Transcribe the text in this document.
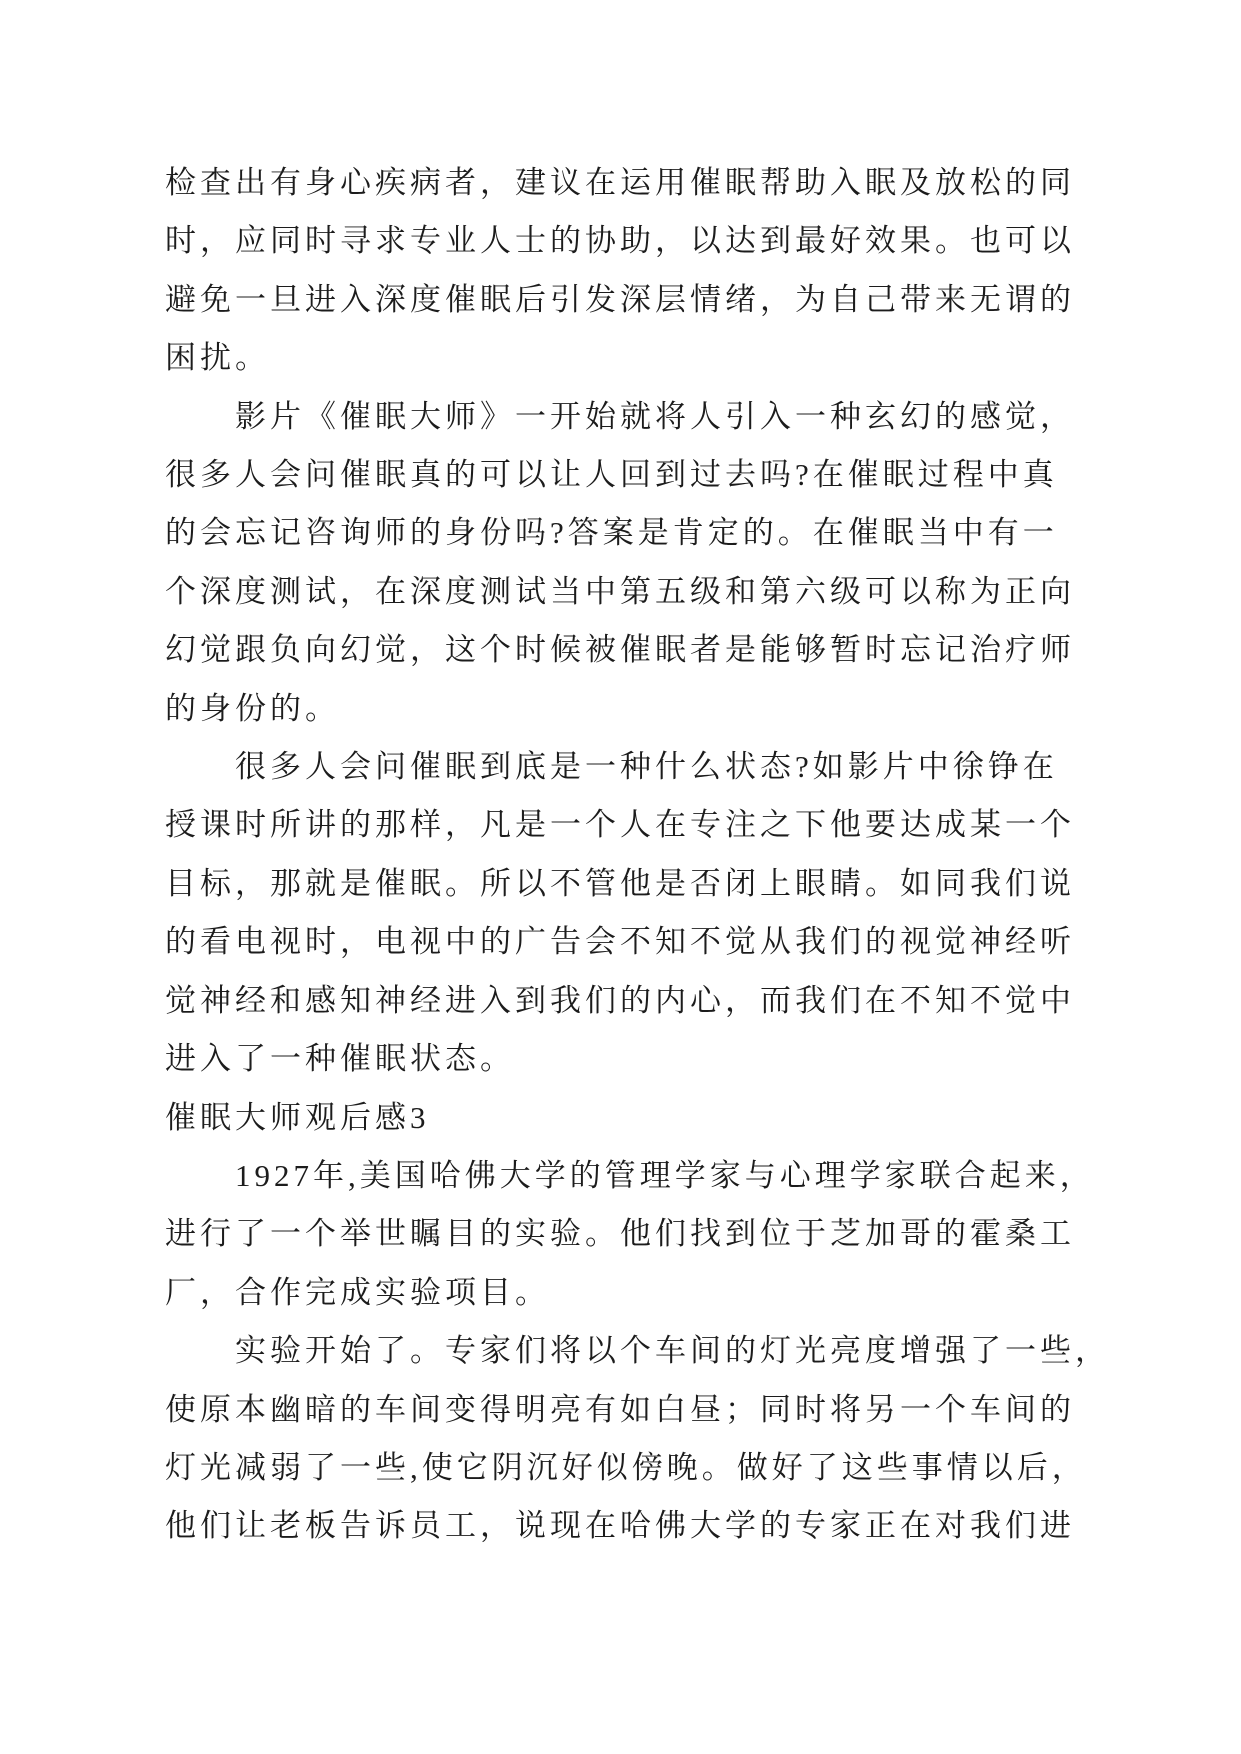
检查出有身心疾病者，建议在运用催眠帮助入眠及放松的同
时，应同时寻求专业人士的协助，以达到最好效果。也可以
避免一旦进入深度催眠后引发深层情绪，为自己带来无谓的
困扰。
　　影片《催眠大师》一开始就将人引入一种玄幻的感觉，
很多人会问催眠真的可以让人回到过去吗?在催眠过程中真
的会忘记咨询师的身份吗?答案是肯定的。在催眠当中有一
个深度测试，在深度测试当中第五级和第六级可以称为正向
幻觉跟负向幻觉，这个时候被催眠者是能够暂时忘记治疗师
的身份的。
　　很多人会问催眠到底是一种什么状态?如影片中徐铮在
授课时所讲的那样，凡是一个人在专注之下他要达成某一个
目标，那就是催眠。所以不管他是否闭上眼睛。如同我们说
的看电视时，电视中的广告会不知不觉从我们的视觉神经听
觉神经和感知神经进入到我们的内心，而我们在不知不觉中
进入了一种催眠状态。
催眠大师观后感3
　　1927年,美国哈佛大学的管理学家与心理学家联合起来，
进行了一个举世瞩目的实验。他们找到位于芝加哥的霍桑工
厂，合作完成实验项目。
　　实验开始了。专家们将以个车间的灯光亮度增强了一些，
使原本幽暗的车间变得明亮有如白昼；同时将另一个车间的
灯光减弱了一些,使它阴沉好似傍晚。做好了这些事情以后，
他们让老板告诉员工，说现在哈佛大学的专家正在对我们进
